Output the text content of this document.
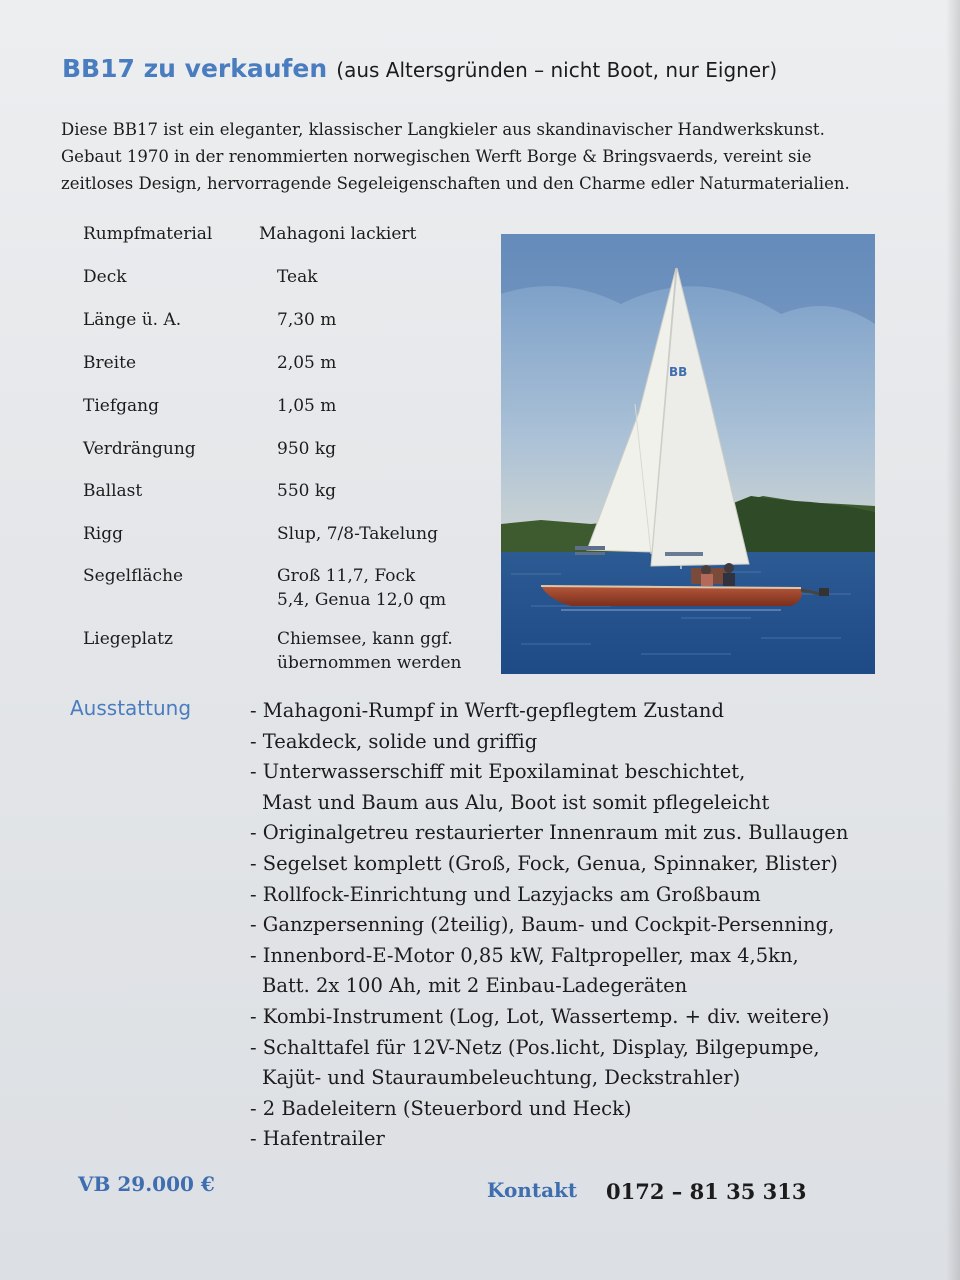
BB17 zu verkaufen (aus Altersgründen – nicht Boot, nur Eigner)
Diese BB17 ist ein eleganter, klassischer Langkieler aus skandinavischer Handwerkskunst. Gebaut 1970 in der renommierten norwegischen Werft Borge & Bringsvaerds, vereint sie zeitloses Design, hervorragende Segeleigenschaften und den Charme edler Naturmaterialien.
Rumpfmaterial	Mahagoni lackiert
Deck	Teak
Länge ü. A.	7,30 m
Breite	2,05 m
Tiefgang	1,05 m
Verdrängung	950 kg
Ballast	550 kg
Rigg	Slup, 7/8-Takelung
Segelfläche	Groß 11,7, Fock 5,4, Genua 12,0 qm
Liegeplatz	Chiemsee, kann ggf. übernommen werden
BB
Ausstattung	- Mahagoni-Rumpf in Werft-gepflegtem Zustand
- Teakdeck, solide und griffig
- Unterwasserschiff mit Epoxilaminat beschichtet,
Mast und Baum aus Alu, Boot ist somit pflegeleicht
- Originalgetreu restaurierter Innenraum mit zus. Bullaugen
- Segelset komplett (Groß, Fock, Genua, Spinnaker, Blister)
- Rollfock-Einrichtung und Lazyjacks am Großbaum
- Ganzpersenning (2teilig), Baum- und Cockpit-Persenning,
- Innenbord-E-Motor 0,85 kW, Faltpropeller, max 4,5kn,
Batt. 2x 100 Ah, mit 2 Einbau-Ladegeräten
- Kombi-Instrument (Log, Lot, Wassertemp. + div. weitere)
- Schalttafel für 12V-Netz (Pos.licht, Display, Bilgepumpe,
Kajüt- und Stauraumbeleuchtung, Deckstrahler)
- 2 Badeleitern (Steuerbord und Heck)
- Hafentrailer
VB 29.000 €	Kontakt 0172 – 81 35 313
